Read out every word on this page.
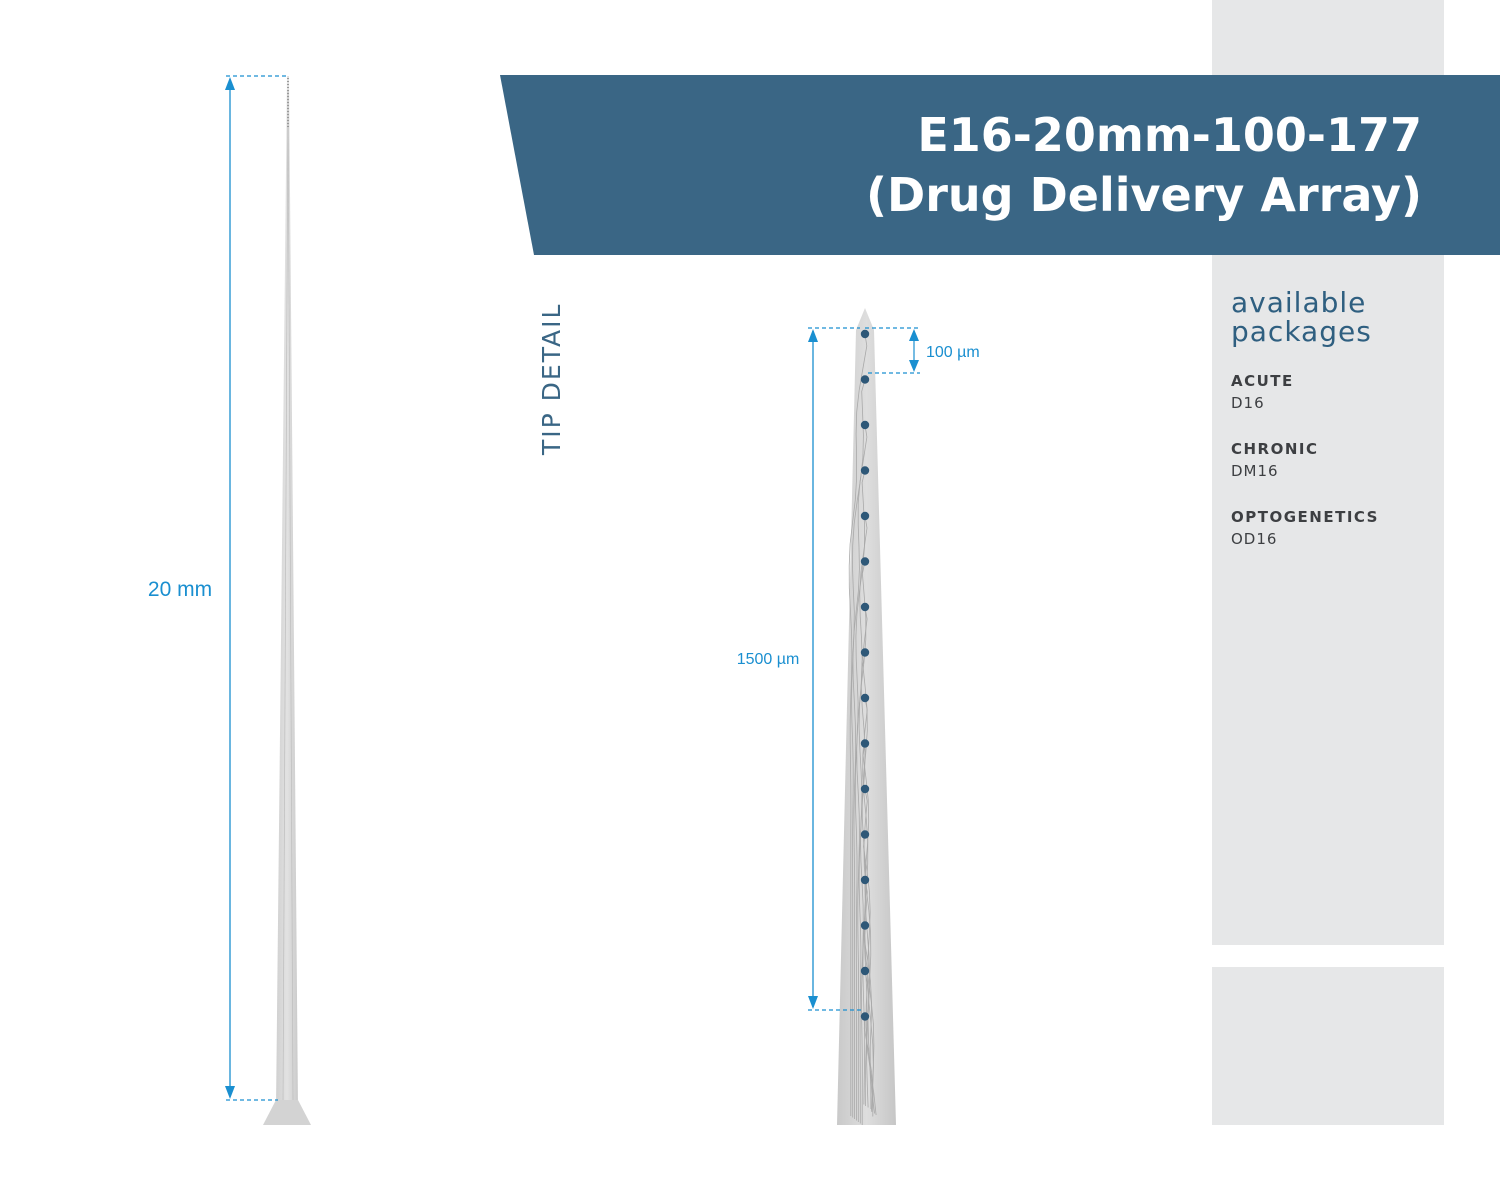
E16-20mm-100-177
(Drug Delivery Array)
20 mm
TIP DETAIL	100 µm
1500 µm
available
packages
ACUTE
D16
CHRONIC
DM16
OPTOGENETICS
OD16
